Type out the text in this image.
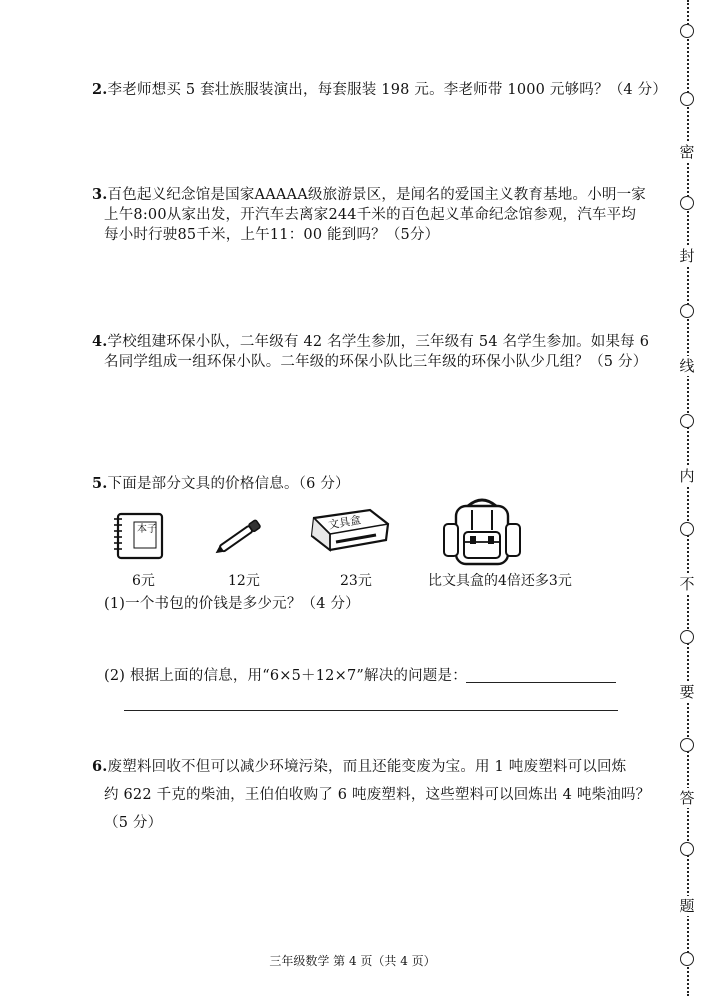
2.李老师想买 5 套壮族服装演出，每套服装 198 元。李老师带 1000 元够吗？（4 分）
3.百色起义纪念馆是国家AAAAA级旅游景区，是闻名的爱国主义教育基地。小明一家
上午8:00从家出发，开汽车去离家244千米的百色起义革命纪念馆参观，汽车平均
每小时行驶85千米，上午11：00 能到吗？（5分）
4.学校组建环保小队，二年级有 42 名学生参加，三年级有 54 名学生参加。如果每 6
名同学组成一组环保小队。二年级的环保小队比三年级的环保小队少几组？（5 分）
5.下面是部分文具的价格信息。（6 分）
本子	文具盒
6元	12元	23元	比文具盒的4倍还多3元
(1)一个书包的价钱是多少元？（4 分）
(2) 根据上面的信息，用“6×5＋12×7”解决的问题是：
6.废塑料回收不但可以减少环境污染，而且还能变废为宝。用 1 吨废塑料可以回炼
约 622 千克的柴油，王伯伯收购了 6 吨废塑料，这些塑料可以回炼出 4 吨柴油吗？
（5 分）
三年级数学 第 4 页（共 4 页）
密
封
线
内
不
要
答
题
